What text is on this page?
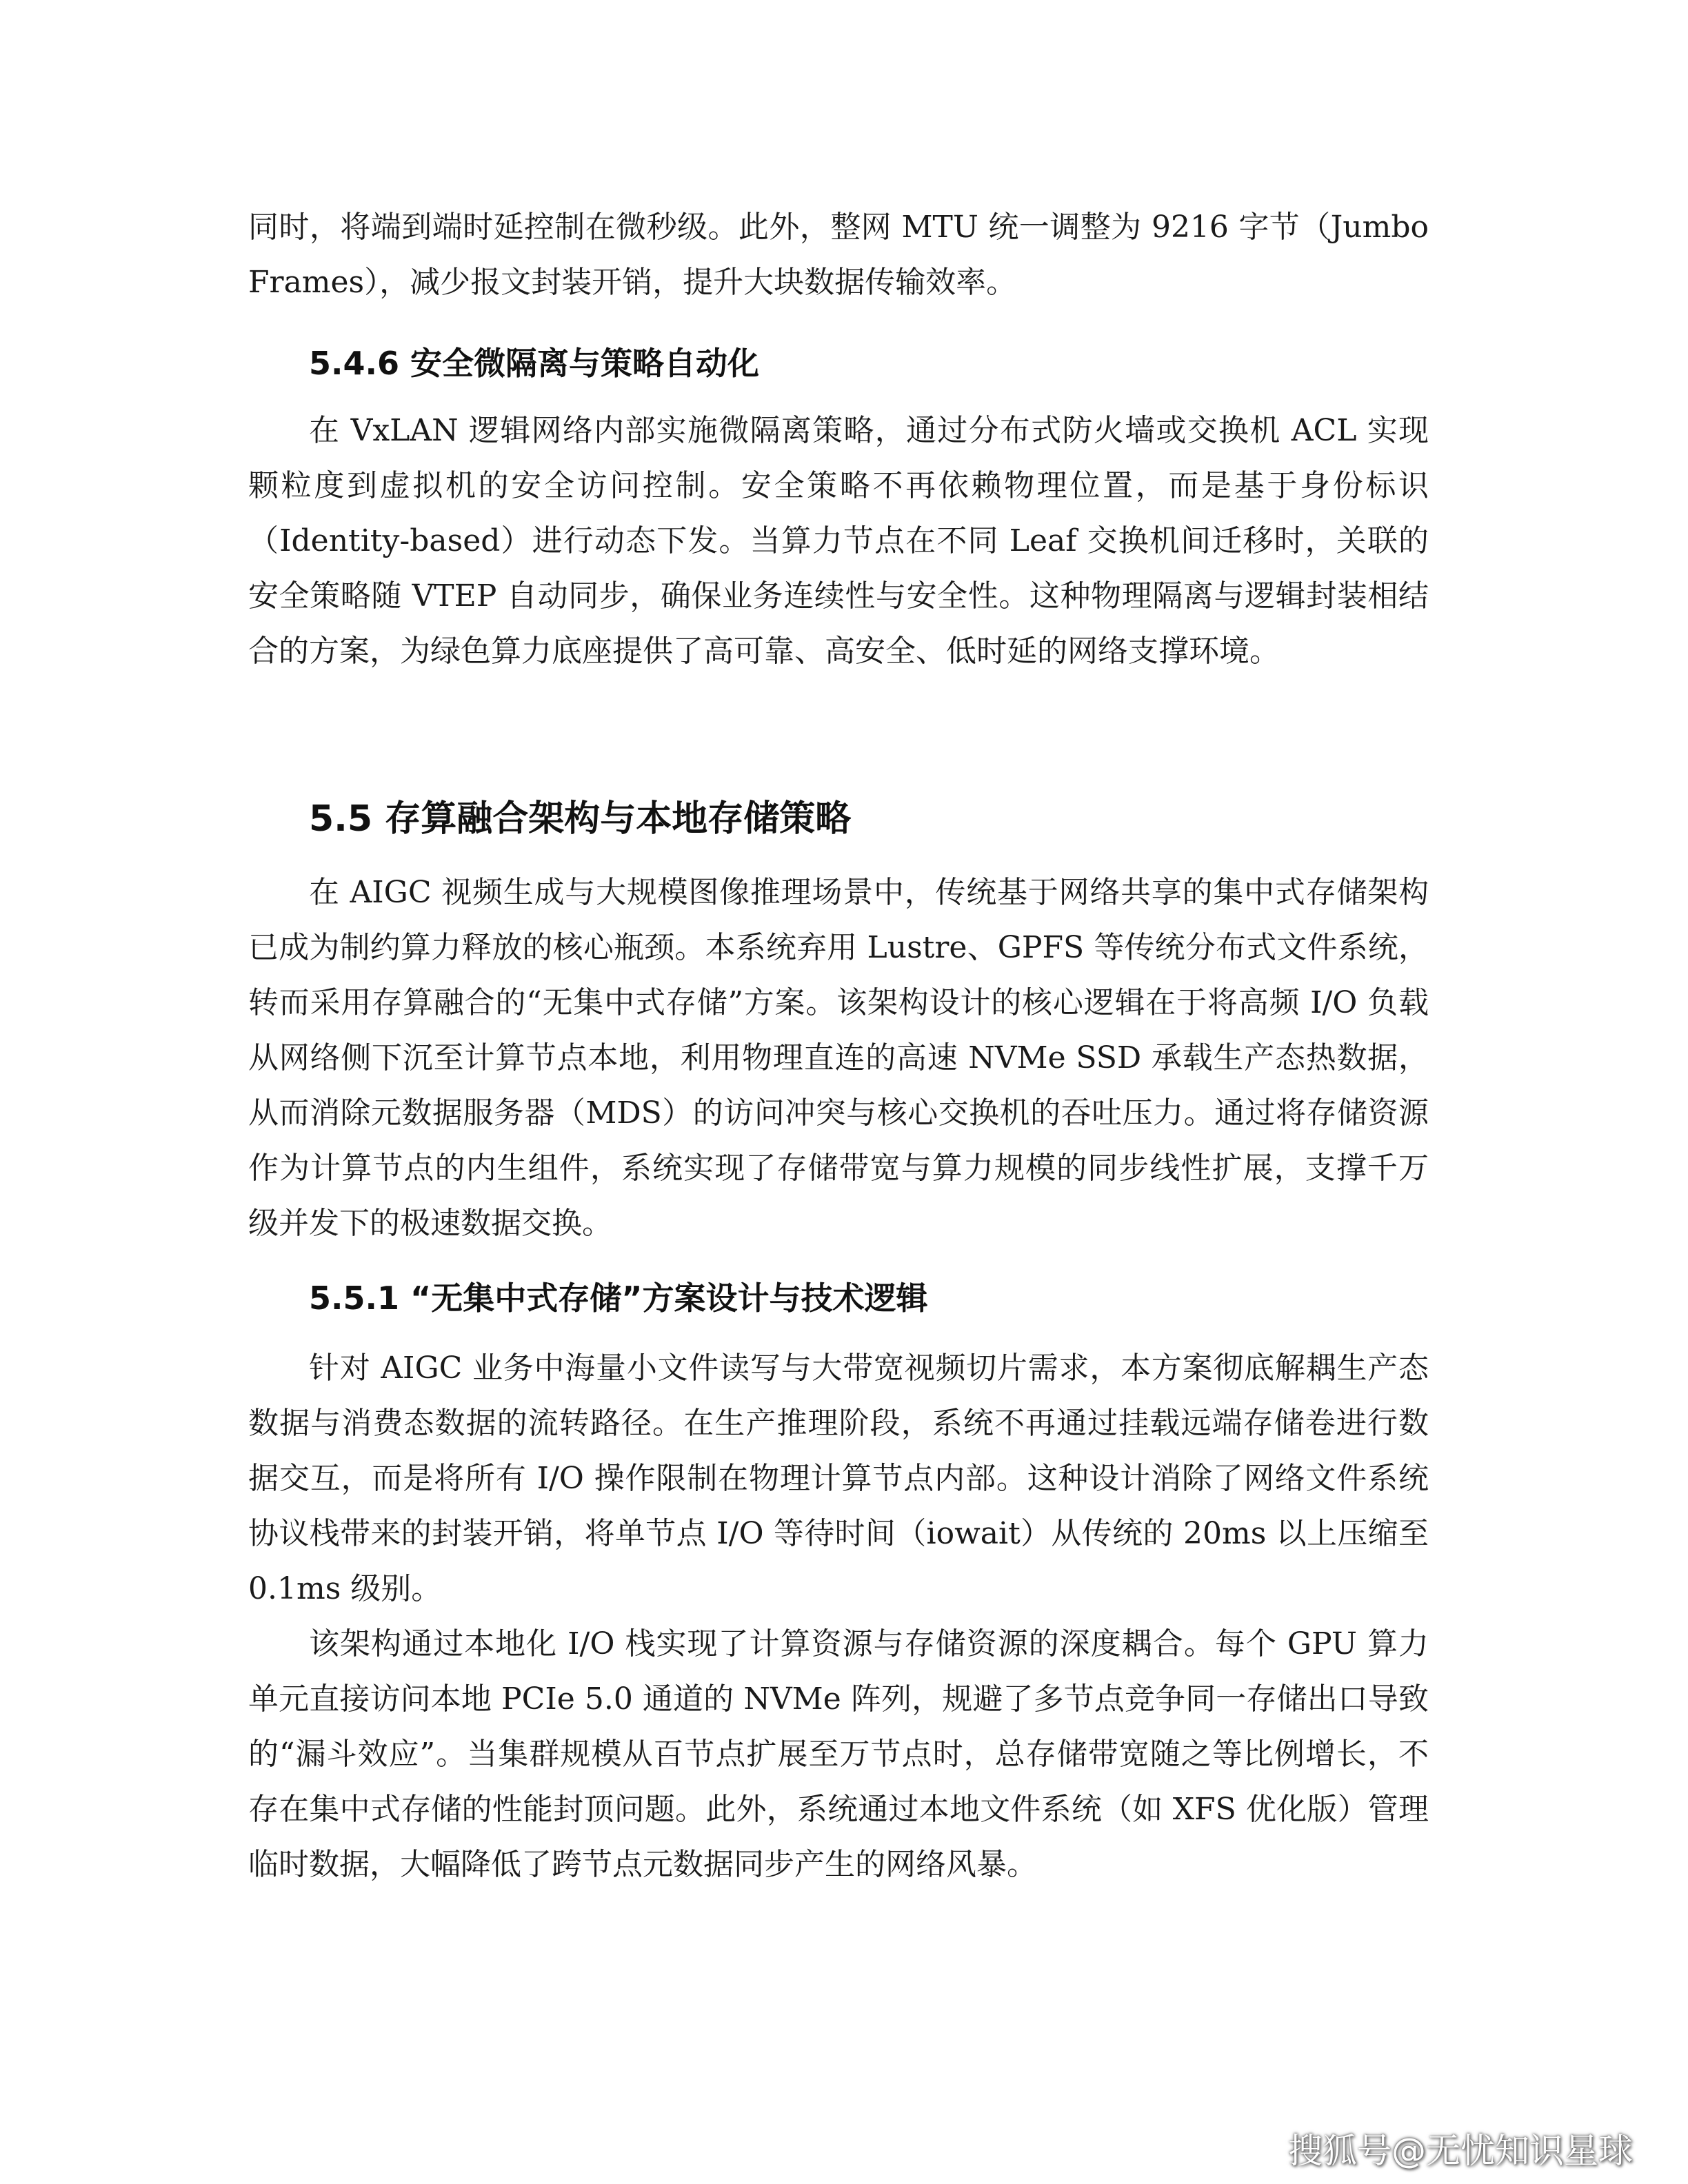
同时，将端到端时延控制在微秒级。此外，整网 MTU 统一调整为 9216 字节（Jumbo Frames），减少报文封装开销，提升大块数据传输效率。

5.4.6 安全微隔离与策略自动化

在 VxLAN 逻辑网络内部实施微隔离策略，通过分布式防火墙或交换机 ACL 实现颗粒度到虚拟机的安全访问控制。安全策略不再依赖物理位置，而是基于身份标识（Identity-based）进行动态下发。当算力节点在不同 Leaf 交换机间迁移时，关联的安全策略随 VTEP 自动同步，确保业务连续性与安全性。这种物理隔离与逻辑封装相结合的方案，为绿色算力底座提供了高可靠、高安全、低时延的网络支撑环境。

5.5 存算融合架构与本地存储策略

在 AIGC 视频生成与大规模图像推理场景中，传统基于网络共享的集中式存储架构已成为制约算力释放的核心瓶颈。本系统弃用 Lustre、GPFS 等传统分布式文件系统，转而采用存算融合的“无集中式存储”方案。该架构设计的核心逻辑在于将高频 I/O 负载从网络侧下沉至计算节点本地，利用物理直连的高速 NVMe SSD 承载生产态热数据，从而消除元数据服务器（MDS）的访问冲突与核心交换机的吞吐压力。通过将存储资源作为计算节点的内生组件，系统实现了存储带宽与算力规模的同步线性扩展，支撑千万级并发下的极速数据交换。

5.5.1 “无集中式存储”方案设计与技术逻辑

针对 AIGC 业务中海量小文件读写与大带宽视频切片需求，本方案彻底解耦生产态数据与消费态数据的流转路径。在生产推理阶段，系统不再通过挂载远端存储卷进行数据交互，而是将所有 I/O 操作限制在物理计算节点内部。这种设计消除了网络文件系统协议栈带来的封装开销，将单节点 I/O 等待时间（iowait）从传统的 20ms 以上压缩至 0.1ms 级别。

该架构通过本地化 I/O 栈实现了计算资源与存储资源的深度耦合。每个 GPU 算力单元直接访问本地 PCIe 5.0 通道的 NVMe 阵列，规避了多节点竞争同一存储出口导致的“漏斗效应”。当集群规模从百节点扩展至万节点时，总存储带宽随之等比例增长，不存在集中式存储的性能封顶问题。此外，系统通过本地文件系统（如 XFS 优化版）管理临时数据，大幅降低了跨节点元数据同步产生的网络风暴。

搜狐号@无忧知识星球
